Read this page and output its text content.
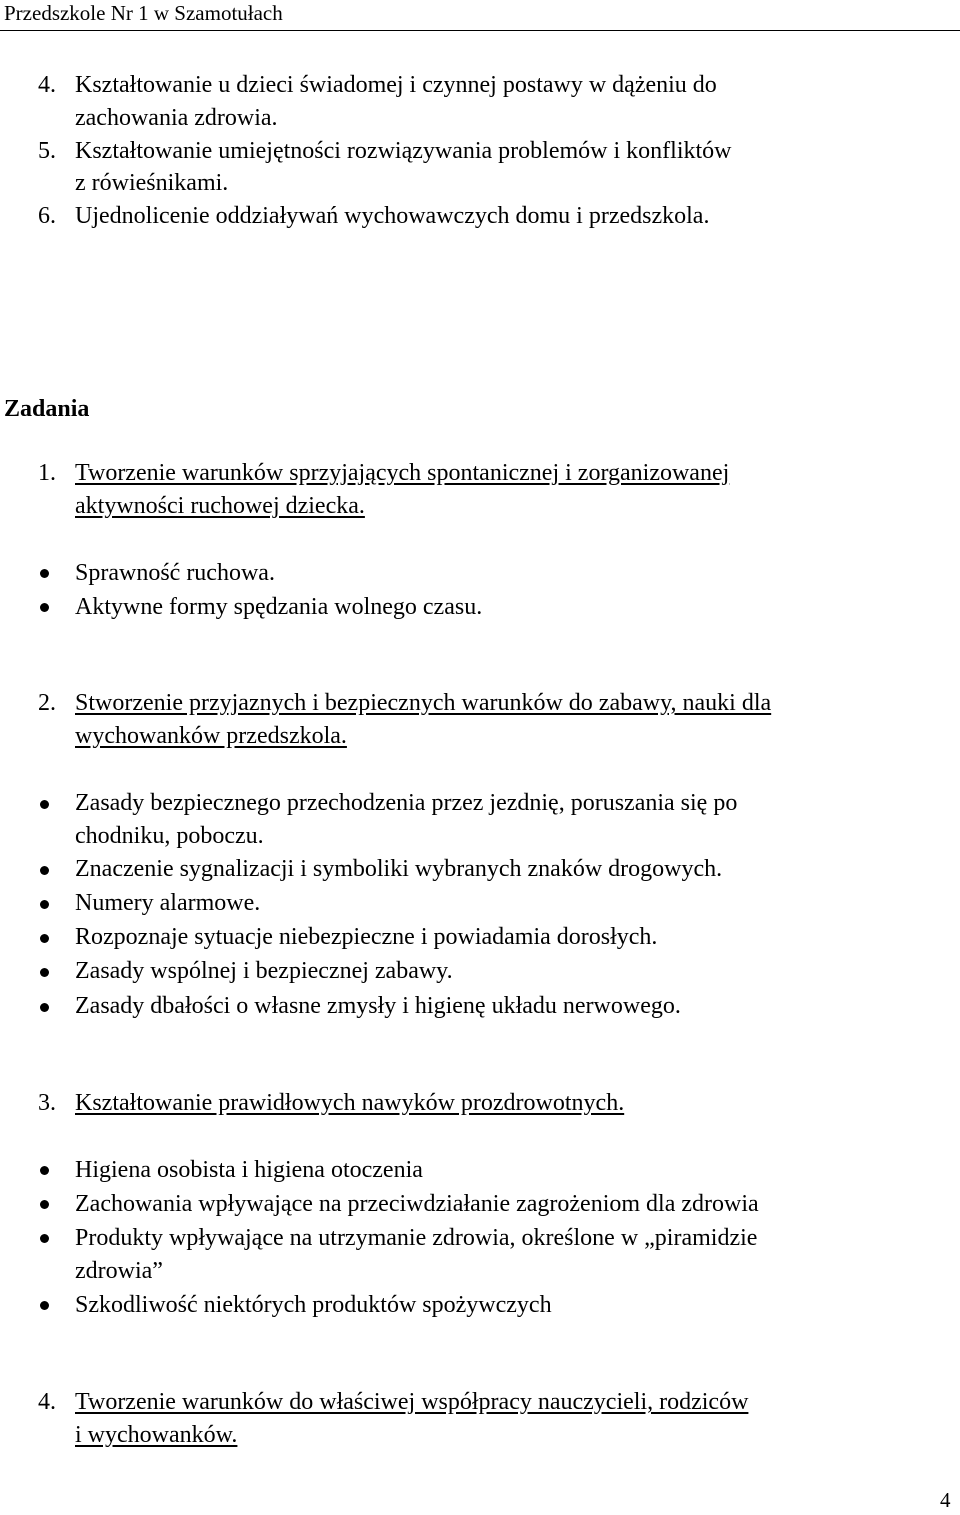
Przedszkole Nr 1 w Szamotułach
4. Kształtowanie u dzieci świadomej i czynnej postawy w dążeniu do
zachowania zdrowia.
5. Kształtowanie umiejętności rozwiązywania problemów i konfliktów
z rówieśnikami.
6. Ujednolicenie oddziaływań wychowawczych domu i przedszkola.
Zadania
1. Tworzenie warunków sprzyjających spontanicznej i zorganizowanej
aktywności ruchowej dziecka.
Sprawność ruchowa.
Aktywne formy spędzania wolnego czasu.
2. Stworzenie przyjaznych i bezpiecznych warunków do zabawy, nauki dla
wychowanków przedszkola.
Zasady bezpiecznego przechodzenia przez jezdnię, poruszania się po
chodniku, poboczu.
Znaczenie sygnalizacji i symboliki wybranych znaków drogowych.
Numery alarmowe.
Rozpoznaje sytuacje niebezpieczne i powiadamia dorosłych.
Zasady wspólnej i bezpiecznej zabawy.
Zasady dbałości o własne zmysły i higienę układu nerwowego.
3. Kształtowanie prawidłowych nawyków prozdrowotnych.
Higiena osobista i higiena otoczenia
Zachowania wpływające na przeciwdziałanie zagrożeniom dla zdrowia
Produkty wpływające na utrzymanie zdrowia, określone w „piramidzie
zdrowia”
Szkodliwość niektórych produktów spożywczych
4. Tworzenie warunków do właściwej współpracy nauczycieli, rodziców
i wychowanków.
4
